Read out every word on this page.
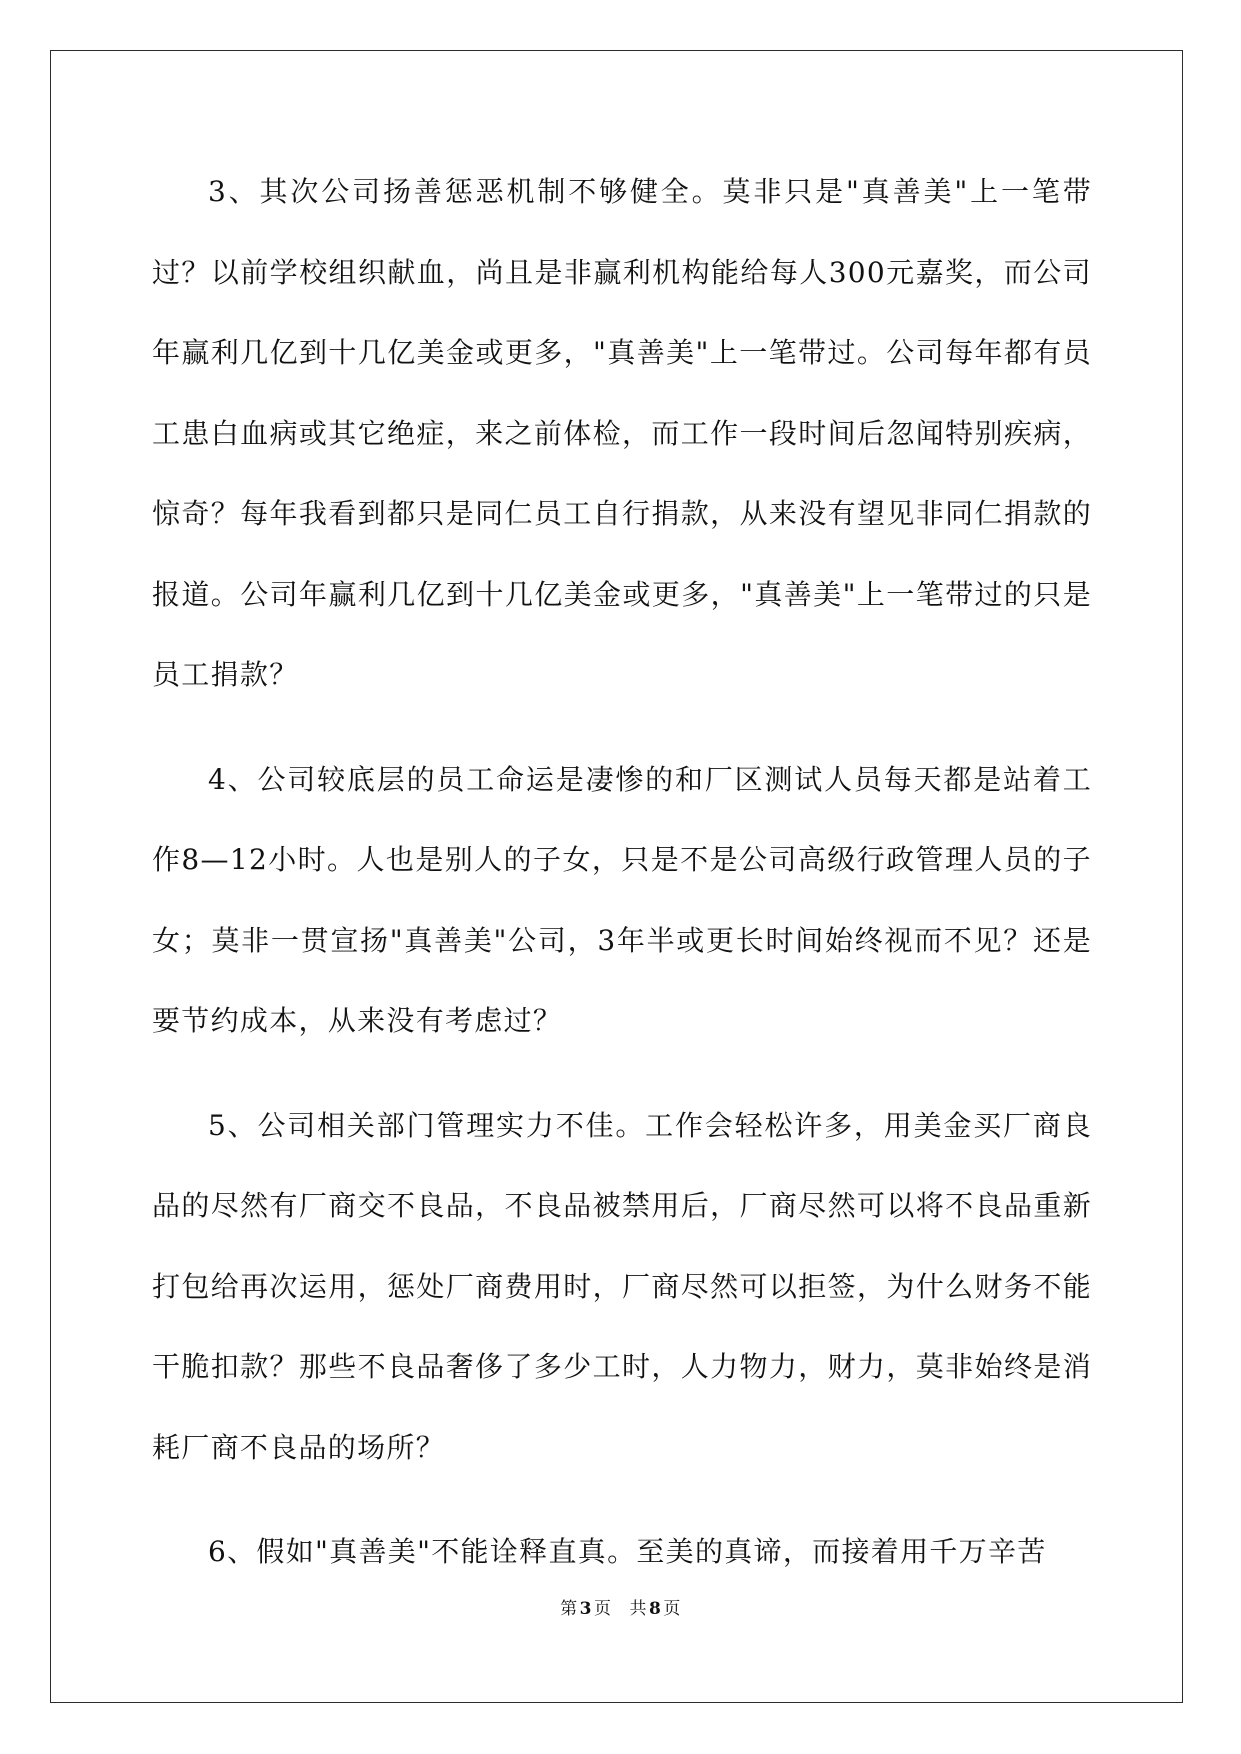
3、其次公司扬善惩恶机制不够健全。莫非只是"真善美"上一笔带过？以前学校组织献血，尚且是非赢利机构能给每人300元嘉奖，而公司年赢利几亿到十几亿美金或更多，"真善美"上一笔带过。公司每年都有员工患白血病或其它绝症，来之前体检，而工作一段时间后忽闻特别疾病，惊奇？每年我看到都只是同仁员工自行捐款，从来没有望见非同仁捐款的报道。公司年赢利几亿到十几亿美金或更多，"真善美"上一笔带过的只是员工捐款？

4、公司较底层的员工命运是凄惨的和厂区测试人员每天都是站着工作8—12小时。人也是别人的子女，只是不是公司高级行政管理人员的子女；莫非一贯宣扬"真善美"公司，3年半或更长时间始终视而不见？还是要节约成本，从来没有考虑过？

5、公司相关部门管理实力不佳。工作会轻松许多，用美金买厂商良品的尽然有厂商交不良品，不良品被禁用后，厂商尽然可以将不良品重新打包给再次运用，惩处厂商费用时，厂商尽然可以拒签，为什么财务不能干脆扣款？那些不良品奢侈了多少工时，人力物力，财力，莫非始终是消耗厂商不良品的场所？

6、假如"真善美"不能诠释直真。至美的真谛，而接着用千万辛苦

第 3 页 共 8 页
